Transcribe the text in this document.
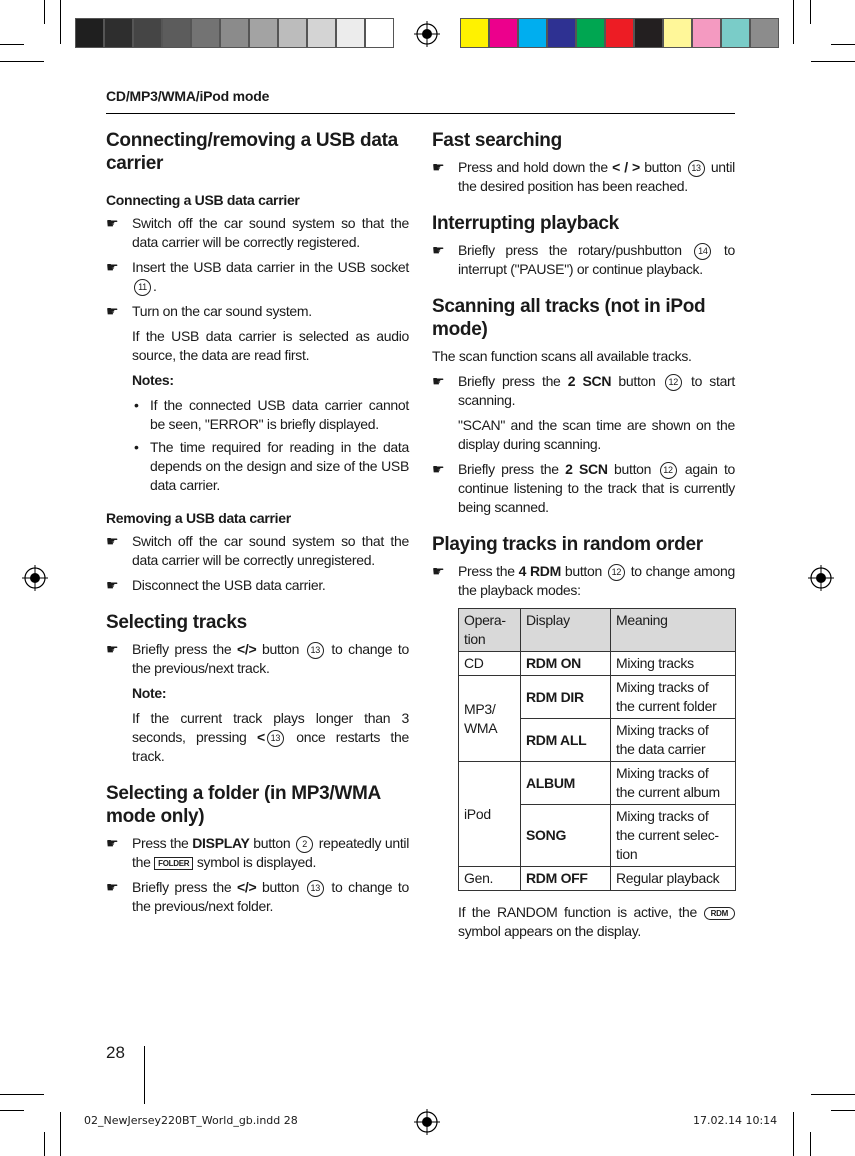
CD/MP3/WMA/iPod mode
Connecting/removing a USB data carrier
Connecting a USB data carrier
☛ Switch off the car sound system so that the data carrier will be correctly registered.
☛ Insert the USB data carrier in the USB socket 11 .
☛ Turn on the car sound system.
If the USB data carrier is selected as audio source, the data are read first.
Notes:
• If the connected USB data carrier cannot be seen, "ERROR" is briefly displayed.
• The time required for reading in the data depends on the design and size of the USB data carrier.
Removing a USB data carrier
☛ Switch off the car sound system so that the data carrier will be correctly unregistered.
☛ Disconnect the USB data carrier.
Selecting tracks
☛ Briefly press the </> button 13 to change to the previous/next track.
Note:
If the current track plays longer than 3 seconds, pressing < 13 once restarts the track.
Selecting a folder (in MP3/WMA mode only)
☛ Press the DISPLAY button 2 repeatedly until the FOLDER symbol is displayed.
☛ Briefly press the </> button 13 to change to the previous/next folder.
Fast searching
☛ Press and hold down the < / > button 13 until the desired position has been reached.
Interrupting playback
☛ Briefly press the rotary/pushbutton 14 to interrupt ("PAUSE") or continue playback.
Scanning all tracks (not in iPod mode)
The scan function scans all available tracks.
☛ Briefly press the 2 SCN button 12 to start scanning.
"SCAN" and the scan time are shown on the display during scanning.
☛ Briefly press the 2 SCN button 12 again to continue listening to the track that is currently being scanned.
Playing tracks in random order
☛ Press the 4 RDM button 12 to change among the playback modes:
Opera-tion	Display	Meaning
CD	RDM ON	Mixing tracks
MP3/ WMA	RDM DIR	Mixing tracks of the current folder
	RDM ALL	Mixing tracks of the data carrier
iPod	ALBUM	Mixing tracks of the current album
	SONG	Mixing tracks of the current selec-tion
Gen.	RDM OFF	Regular playback
If the RANDOM function is active, the RDM symbol appears on the display.
28
02_NewJersey220BT_World_gb.indd 28	17.02.14 10:14
